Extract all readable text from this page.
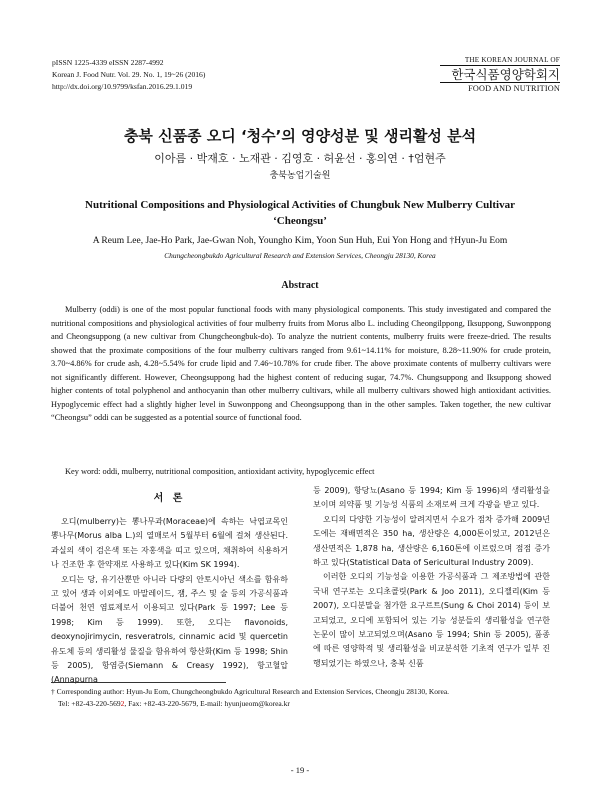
pISSN 1225-4339 eISSN 2287-4992
Korean J. Food Nutr. Vol. 29. No. 1, 19~26 (2016)
http://dx.doi.org/10.9799/ksfan.2016.29.1.019
THE KOREAN JOURNAL OF
한국식품영양학회지
FOOD AND NUTRITION
충북 신품종 오디 ‘청수’의 영양성분 및 생리활성 분석
이아름 · 박재호 · 노재관 · 김영호 · 허윤선 · 홍의연 · †엄현주
충북농업기술원
Nutritional Compositions and Physiological Activities of Chungbuk New Mulberry Cultivar ‘Cheongsu’
A Reum Lee, Jae-Ho Park, Jae-Gwan Noh, Youngho Kim, Yoon Sun Huh, Eui Yon Hong and †Hyun-Ju Eom
Chungcheongbukdo Agricultural Research and Extension Services, Cheongju 28130, Korea
Abstract
Mulberry (oddi) is one of the most popular functional foods with many physiological components. This study investigated and compared the nutritional compositions and physiological activities of four mulberry fruits from Morus albo L. including Cheongilppong, Iksuppong, Suwonppong and Cheongsuppong (a new cultivar from Chungcheongbuk-do). To analyze the nutrient contents, mulberry fruits were freeze-dried. The results showed that the proximate compositions of the four mulberry cultivars ranged from 9.61~14.11% for moisture, 8.28~11.90% for crude protein, 3.70~4.86% for crude ash, 4.28~5.54% for crude lipid and 7.46~10.78% for crude fiber. The above proximate contents of mulberry cultivars were not significantly different. However, Cheongsuppong had the highest content of reducing sugar, 74.7%. Chungsuppong and Iksuppong showed higher contents of total polyphenol and anthocyanin than other mulberry cultivars, while all mulberry cultivars showed high antioxidant activities. Hypoglycemic effect had a slightly higher level in Suwonppong and Cheongsuppong than in the other samples. Taken together, the new cultivar “Cheongsu” oddi can be suggested as a potential source of functional food.
Key word: oddi, mulberry, nutritional composition, antioxidant activity, hypoglycemic effect
서 론

오디(mulberry)는 뽕나무과(Moraceae)에 속하는 낙엽교목인 뽕나무(Morus alba L.)의 열매로서 5월부터 6월에 걸쳐 생산된다. 과실의 색이 검은색 또는 자홍색을 띠고 있으며, 채취하여 식용하거나 건조한 후 한약재로 사용하고 있다(Kim SK 1994).

오디는 당, 유기산뿐만 아니라 다량의 안토시아닌 색소를 함유하고 있어 생과 이외에도 마말레이드, 잼, 주스 및 술 등의 가공식품과 더불어 천연 염료제로서 이용되고 있다(Park 등 1997; Lee 등 1998; Kim 등 1999). 또한, 오디는 flavonoids, deoxynojirimycin, resveratrols, cinnamic acid 및 quercetin 유도체 등의 생리활성 물질을 함유하여 항산화(Kim 등 1998; Shin 등 2005), 항염증(Siemann & Creasy 1992), 항고혈압(Annapurna

등 2009), 항당뇨(Asano 등 1994; Kim 등 1996)의 생리활성을 보이며 의약품 및 기능성 식품의 소재로써 크게 각광을 받고 있다.

오디의 다양한 기능성이 알려지면서 수요가 점차 증가해 2009년도에는 재배면적은 350 ha, 생산량은 4,000톤이었고, 2012년은 생산면적은 1,878 ha, 생산량은 6,160톤에 이르렀으며 점점 증가하고 있다(Statistical Data of Sericultural Industry 2009).

이러한 오디의 기능성을 이용한 가공식품과 그 제조방법에 관한 국내 연구로는 오디초콜릿(Park & Joo 2011), 오디젤리(Kim 등 2007), 오디분말을 첨가한 요구르트(Sung & Choi 2014) 등이 보고되었고, 오디에 포함되어 있는 기능 성분들의 생리활성을 연구한 논문이 많이 보고되었으며(Asano 등 1994; Shin 등 2005), 품종에 따른 영양학적 및 생리활성을 비교분석한 기초적 연구가 일부 진행되었기는 하였으나, 충북 신품

† Corresponding author: Hyun-Ju Eom, Chungcheongbukdo Agricultural Research and Extension Services, Cheongju 28130, Korea.
Tel: +82-43-220-5692, Fax: +82-43-220-5679, E-mail: hyunjueom@korea.kr
- 19 -
